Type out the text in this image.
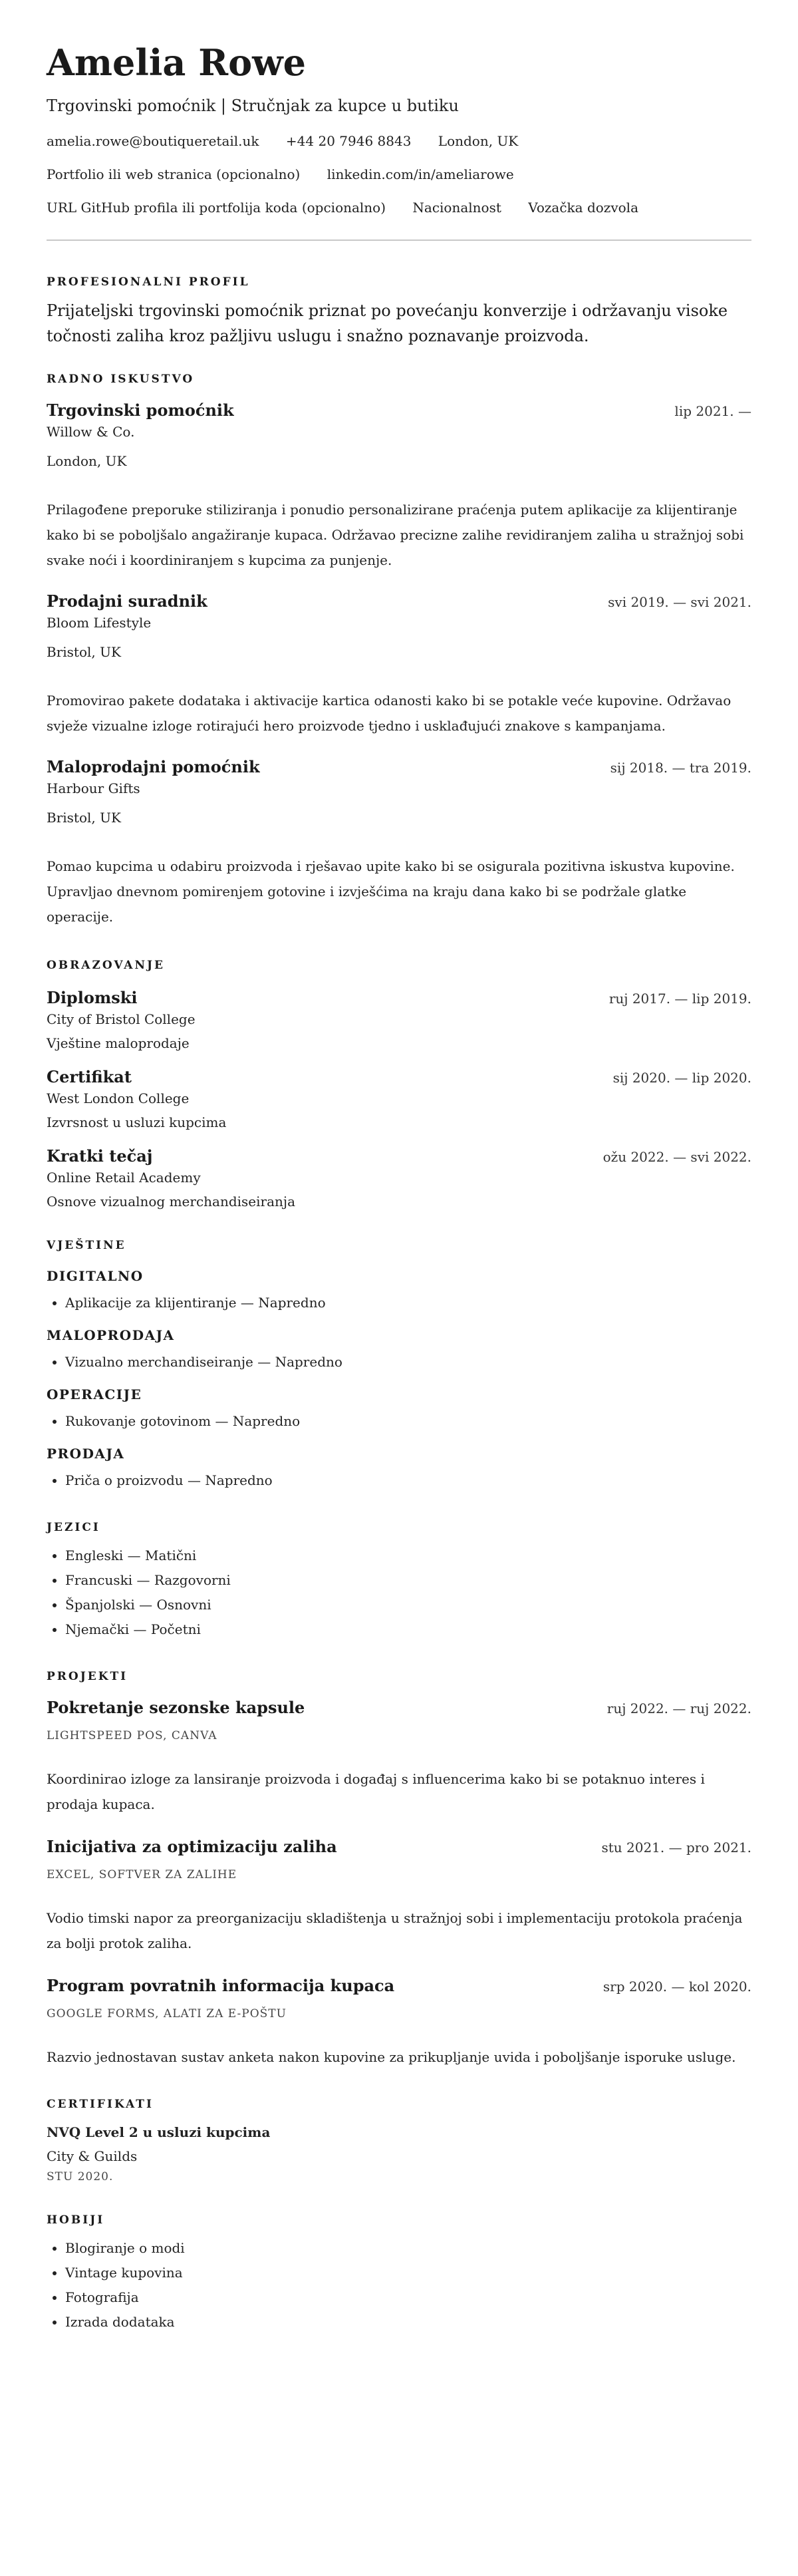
Amelia Rowe
Trgovinski pomoćnik | Stručnjak za kupce u butiku
amelia.rowe@boutiqueretail.uk +44 20 7946 8843 London, UK
Portfolio ili web stranica (opcionalno) linkedin.com/in/ameliarowe
URL GitHub profila ili portfolija koda (opcionalno) Nacionalnost Vozačka dozvola
PROFESIONALNI PROFIL
Prijateljski trgovinski pomoćnik priznat po povećanju konverzije i održavanju visoke točnosti zaliha kroz pažljivu uslugu i snažno poznavanje proizvoda.
RADNO ISKUSTVO
Trgovinski pomoćnik	lip 2021. —
Willow & Co.
London, UK
Prilagođene preporuke stiliziranja i ponudio personalizirane praćenja putem aplikacije za klijentiranje kako bi se poboljšalo angažiranje kupaca. Održavao precizne zalihe revidiranjem zaliha u stražnjoj sobi svake noći i koordiniranjem s kupcima za punjenje.
Prodajni suradnik	svi 2019. — svi 2021.
Bloom Lifestyle
Bristol, UK
Promovirao pakete dodataka i aktivacije kartica odanosti kako bi se potakle veće kupovine. Održavao svježe vizualne izloge rotirajući hero proizvode tjedno i usklađujući znakove s kampanjama.
Maloprodajni pomoćnik	sij 2018. — tra 2019.
Harbour Gifts
Bristol, UK
Pomao kupcima u odabiru proizvoda i rješavao upite kako bi se osigurala pozitivna iskustva kupovine. Upravljao dnevnom pomirenjem gotovine i izvješćima na kraju dana kako bi se podržale glatke operacije.
OBRAZOVANJE
Diplomski	ruj 2017. — lip 2019.
City of Bristol College
Vještine maloprodaje
Certifikat	sij 2020. — lip 2020.
West London College
Izvrsnost u usluzi kupcima
Kratki tečaj	ožu 2022. — svi 2022.
Online Retail Academy
Osnove vizualnog merchandiseiranja
VJEŠTINE
DIGITALNO
• Aplikacije za klijentiranje — Napredno
MALOPRODAJA
• Vizualno merchandiseiranje — Napredno
OPERACIJE
• Rukovanje gotovinom — Napredno
PRODAJA
• Priča o proizvodu — Napredno
JEZICI
• Engleski — Matični
• Francuski — Razgovorni
• Španjolski — Osnovni
• Njemački — Početni
PROJEKTI
Pokretanje sezonske kapsule	ruj 2022. — ruj 2022.
LIGHTSPEED POS, CANVA
Koordinirao izloge za lansiranje proizvoda i događaj s influencerima kako bi se potaknuo interes i prodaja kupaca.
Inicijativa za optimizaciju zaliha	stu 2021. — pro 2021.
EXCEL, SOFTVER ZA ZALIHE
Vodio timski napor za preorganizaciju skladištenja u stražnjoj sobi i implementaciju protokola praćenja za bolji protok zaliha.
Program povratnih informacija kupaca	srp 2020. — kol 2020.
GOOGLE FORMS, ALATI ZA E-POŠTU
Razvio jednostavan sustav anketa nakon kupovine za prikupljanje uvida i poboljšanje isporuke usluge.
CERTIFIKATI
NVQ Level 2 u usluzi kupcima
City & Guilds
STU 2020.
HOBIJI
• Blogiranje o modi
• Vintage kupovina
• Fotografija
• Izrada dodataka
